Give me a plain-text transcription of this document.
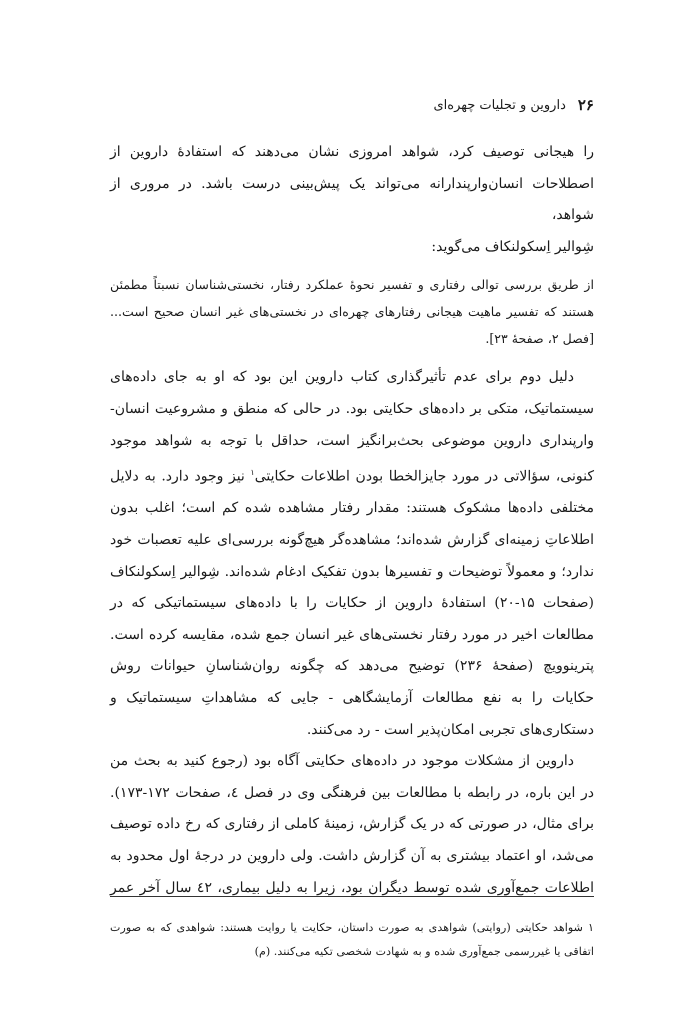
۲۶
داروین و تجلیات چهره‌ای

را هیجانی توصیف کرد، شواهد امروزی نشان می‌دهند که استفادهٔ داروین از

اصطلاحات انسان‌وارپندارانه می‌تواند یک پیش‌بینی درست باشد. در مروری از شواهد،

شِوالیر اِسکولنکاف می‌گوید:

از طریق بررسی توالی رفتاری و تفسیر نحوهٔ عملکرد رفتار، نخستی‌شناسان نسبتاً مطمئن هستند که تفسیر ماهیت هیجانی رفتارهای چهره‌ای در نخستی‌های غیر انسان صحیح است... [فصل ۲، صفحهٔ ۲۳].

دلیل دوم برای عدم تأثیرگذاری کتاب داروین این بود که او به جای داده‌های

سیستماتیک، متکی بر داده‌های حکایتی بود. در حالی که منطق و مشروعیت انسان-

وارپنداری داروین موضوعی بحث‌برانگیز است، حداقل با توجه به شواهد موجود

کنونی، سؤالاتی در مورد جایزالخطا بودن اطلاعات حکایتی$^۱$ نیز وجود دارد. به دلایل

مختلفی داده‌ها مشکوک هستند: مقدار رفتار مشاهده شده کم است؛ اغلب بدون

اطلاعاتِ زمینه‌ای گزارش شده‌اند؛ مشاهده‌گر هیچ‌گونه بررسی‌ای علیه تعصبات خود

ندارد؛ و معمولاً توضیحات و تفسیرها بدون تفکیک ادغام شده‌اند. شِوالیر اِسکولنکاف

(صفحات ۱۵-۲۰) استفادهٔ داروین از حکایات را با داده‌های سیستماتیکی که در

مطالعات اخیر در مورد رفتار نخستی‌های غیر انسان جمع شده، مقایسه کرده است.

پترینوویچ (صفحهٔ ۲۳۶) توضیح می‌دهد که چگونه روان‌شناسانِ حیوانات روش

حکایات را به نفع مطالعات آزمایشگاهی - جایی که مشاهداتِ سیستماتیک و

دستکاری‌های تجربی امکان‌پذیر است - رد می‌کنند.

داروین از مشکلات موجود در داده‌های حکایتی آگاه بود (رجوع کنید به بحث من

در این باره، در رابطه با مطالعات بین فرهنگی وی در فصل ٤، صفحات ۱۷۲-۱۷۳).

برای مثال، در صورتی که در یک گزارش، زمینهٔ کاملی از رفتاری که رخ داده توصیف

می‌شد، او اعتماد بیشتری به آن گزارش داشت. ولی داروین در درجهٔ اول محدود به

اطلاعات جمع‌آوری شده توسط دیگران بود، زیرا به دلیل بیماری، ٤٢ سال آخر عمر

۱ شواهد حکایتی (روایتی) شواهدی به صورت داستان، حکایت یا روایت هستند: شواهدی که به صورت اتفاقی یا غیررسمی جمع‌آوری شده و به شهادت شخصی تکیه می‌کنند. (م)
